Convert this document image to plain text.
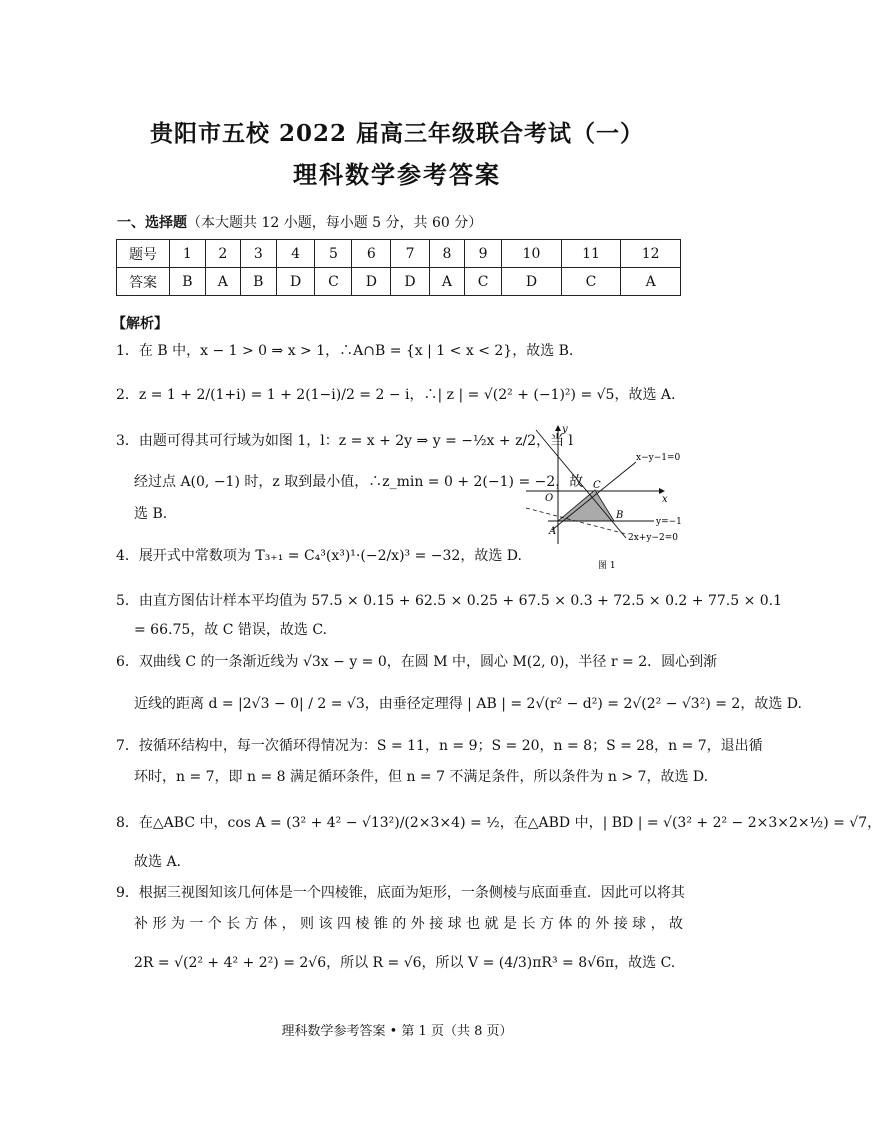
贵阳市五校 2022 届高三年级联合考试（一）
理科数学参考答案
一、选择题（本大题共 12 小题，每小题 5 分，共 60 分）
题号	1	2	3	4	5	6	7	8	9	10	11	12
答案	B	A	B	D	C	D	D	A	C	D	C	A
【解析】
1．在 B 中，x − 1 > 0 ⇒ x > 1，∴A∩B = {x | 1 < x < 2}，故选 B.
2．z = 1 + 2/(1+i) = 1 + 2(1−i)/2 = 2 − i，∴| z | = √(2² + (−1)²) = √5，故选 A.
3．由题可得其可行域为如图 1，l：z = x + 2y ⇒ y = −½x + z/2，当 l
经过点 A(0, −1) 时，z 取到最小值，∴z_min = 0 + 2(−1) = −2，故
选 B.
4．展开式中常数项为 T₃₊₁ = C₄³(x³)¹·(−2/x)³ = −32，故选 D.
5．由直方图估计样本平均值为 57.5 × 0.15 + 62.5 × 0.25 + 67.5 × 0.3 + 72.5 × 0.2 + 77.5 × 0.1
= 66.75，故 C 错误，故选 C.
6．双曲线 C 的一条渐近线为 √3x − y = 0，在圆 M 中，圆心 M(2, 0)，半径 r = 2．圆心到渐
近线的距离 d = |2√3 − 0| / 2 = √3，由垂径定理得 | AB | = 2√(r² − d²) = 2√(2² − √3²) = 2，故选 D.
7．按循环结构中，每一次循环得情况为：S = 11，n = 9；S = 20，n = 8；S = 28，n = 7，退出循
环时，n = 7，即 n = 8 满足循环条件，但 n = 7 不满足条件，所以条件为 n > 7，故选 D.
8．在△ABC 中，cos A = (3² + 4² − √13²)/(2×3×4) = ½，在△ABD 中，| BD | = √(3² + 2² − 2×3×2×½) = √7，
故选 A.
9．根据三视图知该几何体是一个四棱锥，底面为矩形，一条侧棱与底面垂直．因此可以将其
补 形 为 一 个 长 方 体 ， 则 该 四 棱 锥 的 外 接 球 也 就 是 长 方 体 的 外 接 球 ， 故
2R = √(2² + 4² + 2²) = 2√6，所以 R = √6，所以 V = (4/3)πR³ = 8√6π，故选 C.
y
x
O
C
B
A
x−y−1=0
y=−1
2x+y−2=0
图 1
理科数学参考答案 • 第 1 页（共 8 页）
